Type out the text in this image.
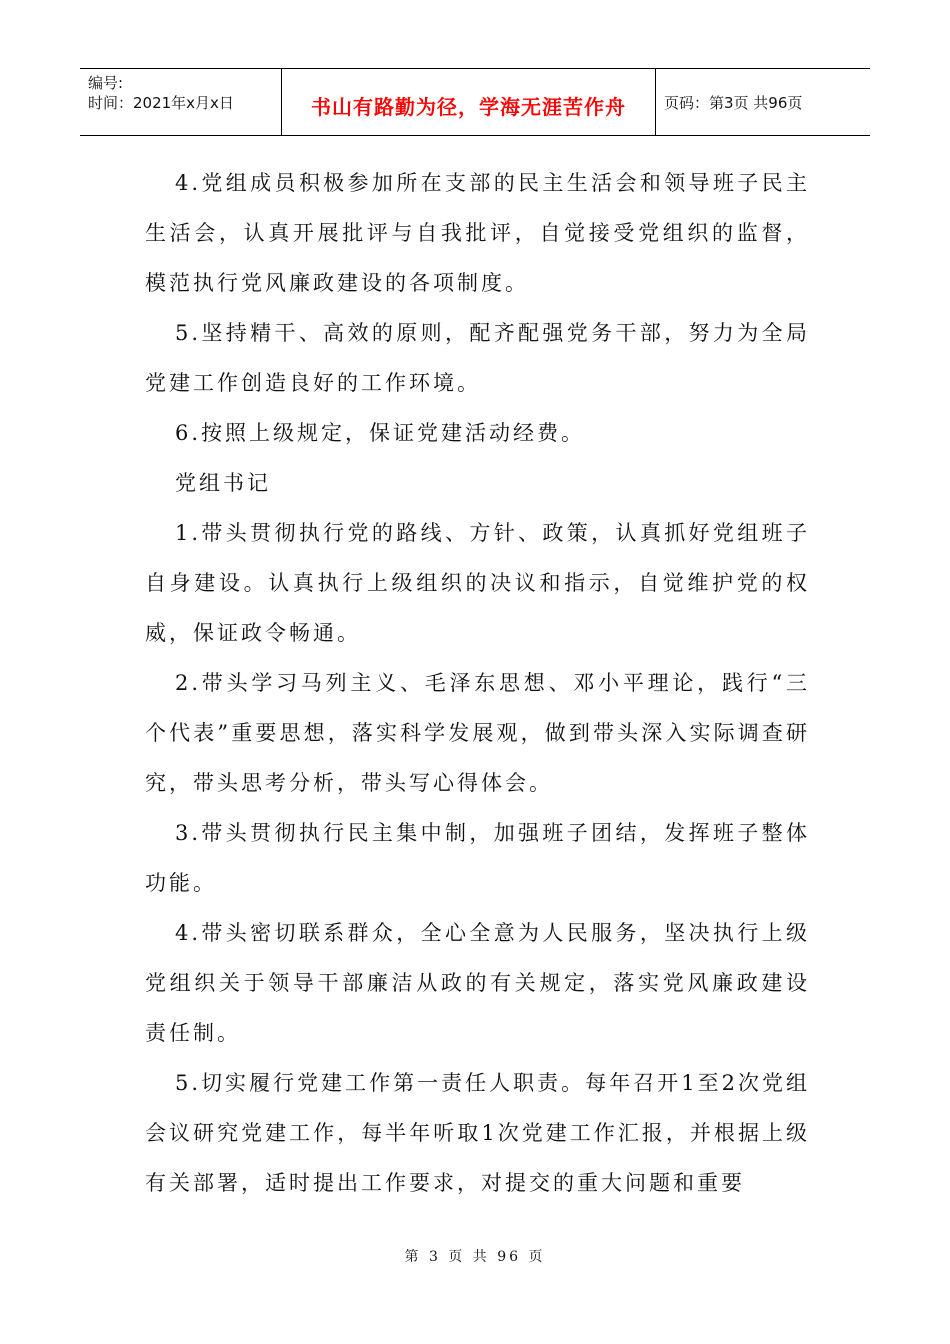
编号:
时间：2021年x月x日	书山有路勤为径，学海无涯苦作舟	页码：第3页 共96页

4.党组成员积极参加所在支部的民主生活会和领导班子民主生活会，认真开展批评与自我批评，自觉接受党组织的监督，模范执行党风廉政建设的各项制度。

5.坚持精干、高效的原则，配齐配强党务干部，努力为全局党建工作创造良好的工作环境。

6.按照上级规定，保证党建活动经费。

党组书记

1.带头贯彻执行党的路线、方针、政策，认真抓好党组班子自身建设。认真执行上级组织的决议和指示，自觉维护党的权威，保证政令畅通。

2.带头学习马列主义、毛泽东思想、邓小平理论，践行“三个代表”重要思想，落实科学发展观，做到带头深入实际调查研究，带头思考分析，带头写心得体会。

3.带头贯彻执行民主集中制，加强班子团结，发挥班子整体功能。

4.带头密切联系群众，全心全意为人民服务，坚决执行上级党组织关于领导干部廉洁从政的有关规定，落实党风廉政建设责任制。

5.切实履行党建工作第一责任人职责。每年召开1至2次党组会议研究党建工作，每半年听取1次党建工作汇报，并根据上级有关部署，适时提出工作要求，对提交的重大问题和重要

第 3 页 共 96 页
